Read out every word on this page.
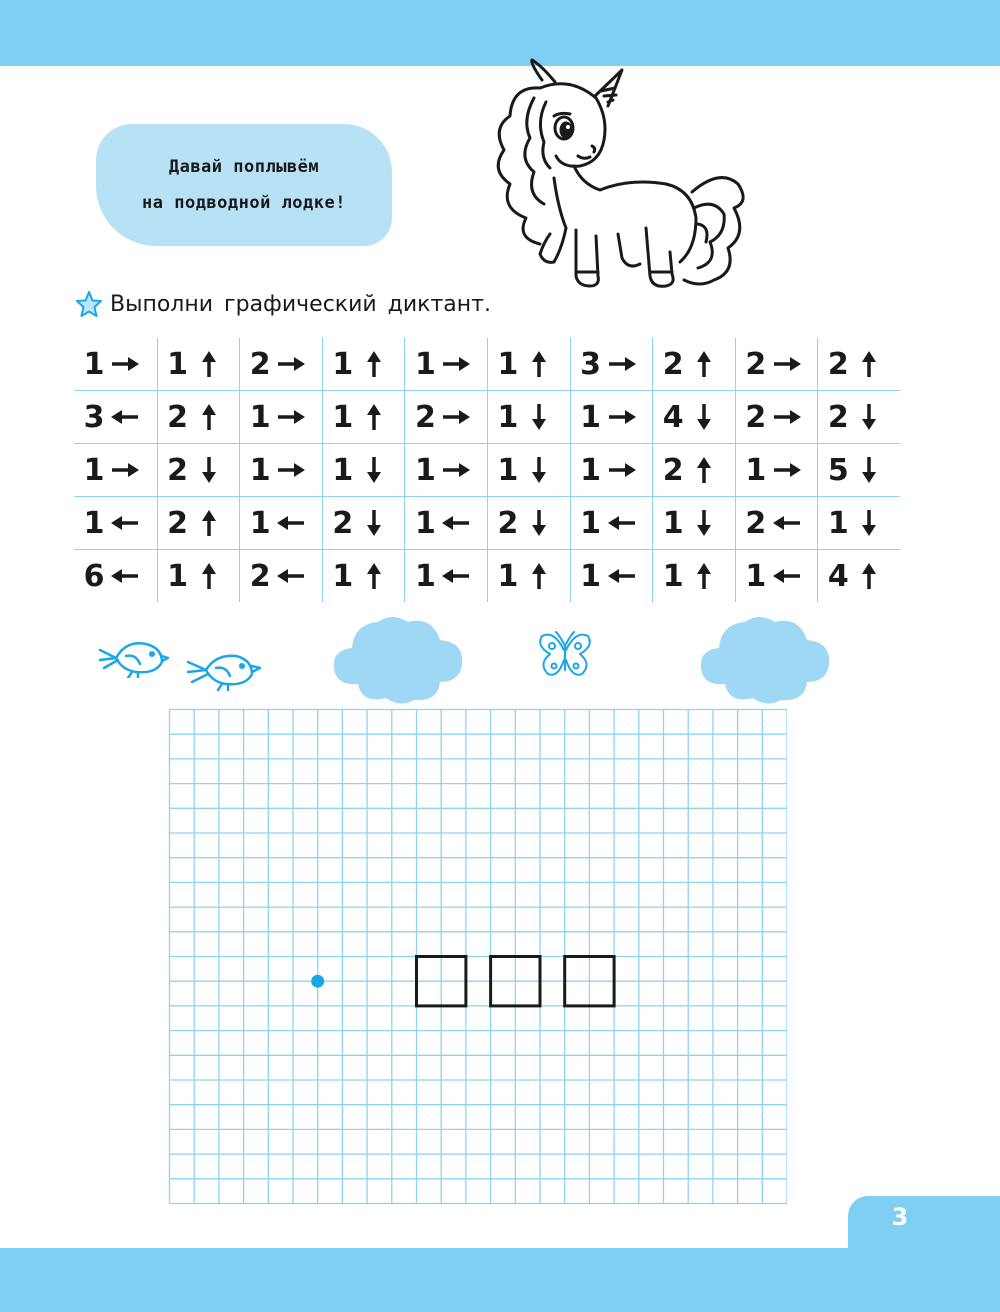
Давай поплывём
на подводной лодке!
Выполни графический диктант.
1 1 2 1 1 1 3 2 2 2
3 2 1 1 2 1 1 4 2 2
1 2 1 1 1 1 1 2 1 5
1 2 1 2 1 2 1 1 2 1
6 1 2 1 1 1 1 1 1 4
3
